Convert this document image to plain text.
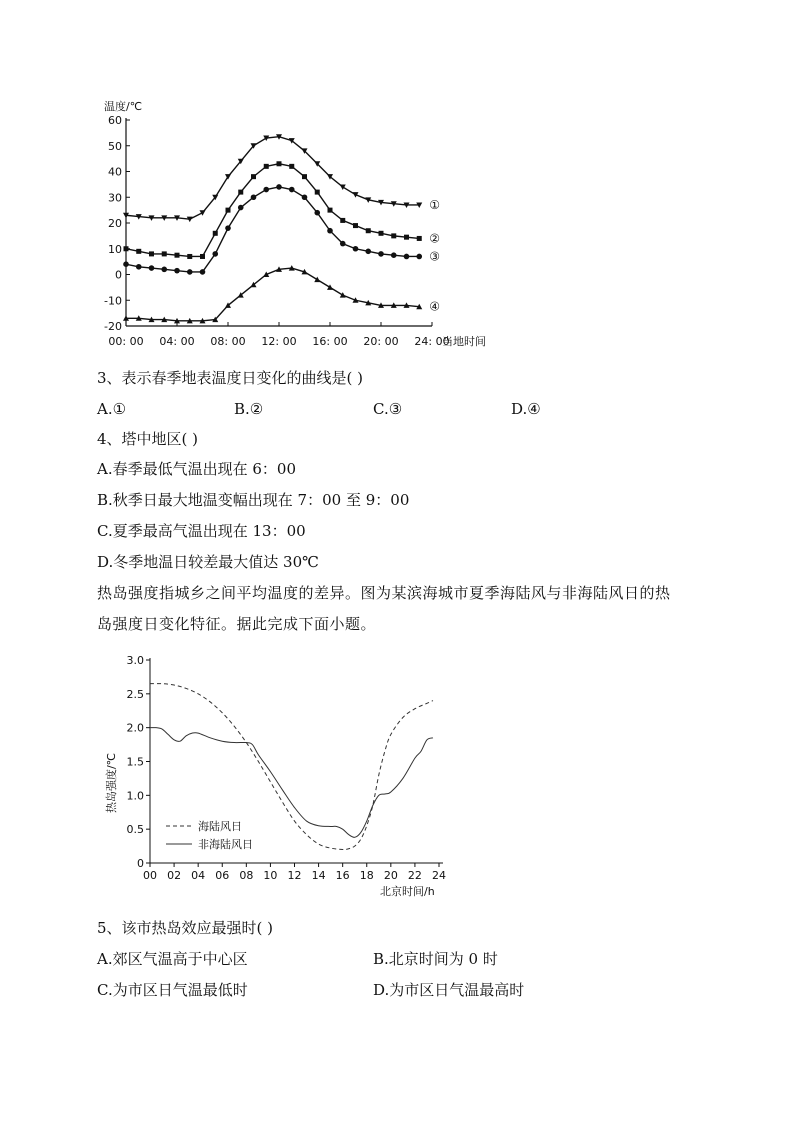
60
50
40
30
20
10
0
-10
-20
00: 00 04: 00 08: 00 12: 00 16: 00 20: 00 24: 00
①
②
③
④
温度/℃
当地时间
3、表示春季地表温度日变化的曲线是( )
A.①	B.②	C.③	D.④
4、塔中地区( )
A.春季最低气温出现在 6：00
B.秋季日最大地温变幅出现在 7：00 至 9：00
C.夏季最高气温出现在 13：00
D.冬季地温日较差最大值达 30℃
热岛强度指城乡之间平均温度的差异。图为某滨海城市夏季海陆风与非海陆风日的热
岛强度日变化特征。据此完成下面小题。
0
0.5
1.0
1.5
2.0
2.5
3.0
00 02 04 06 08 10 12 14 16 18 20 22 24
热岛强度/℃
北京时间/h
海陆风日
非海陆风日
5、该市热岛效应最强时( )
A.郊区气温高于中心区	B.北京时间为 0 时
C.为市区日气温最低时	D.为市区日气温最高时
